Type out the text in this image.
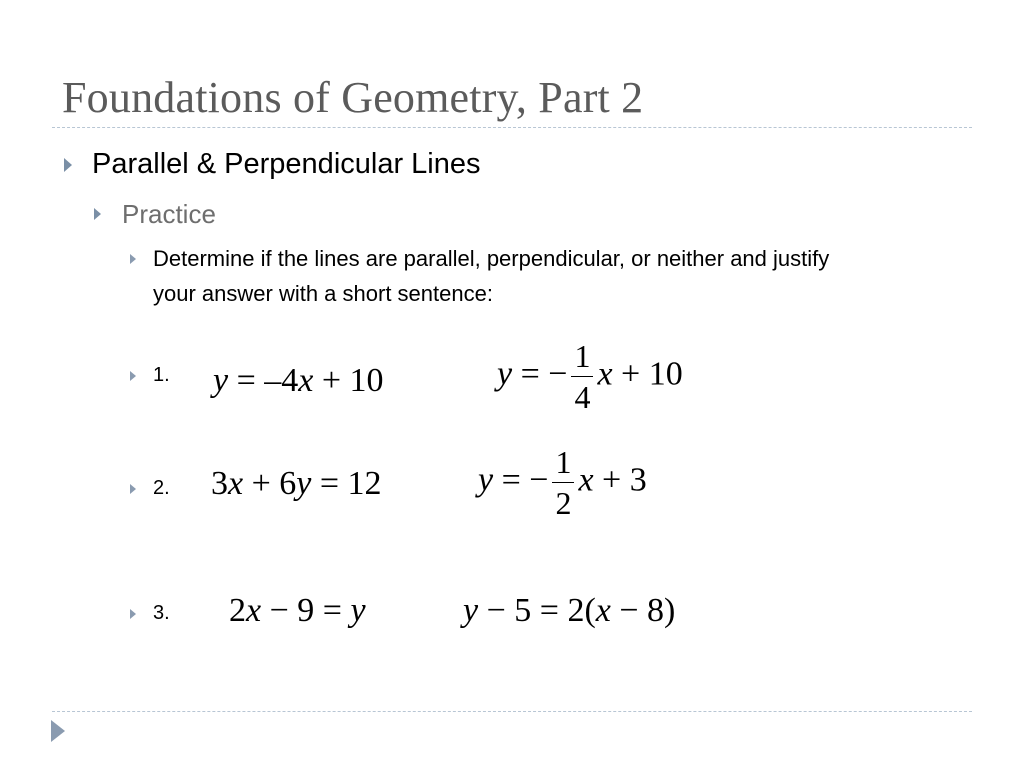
Foundations of Geometry, Part 2
Parallel & Perpendicular Lines
Practice
Determine if the lines are parallel, perpendicular, or neither and justify
your answer with a short sentence:
1. y = –4x + 10	y = − $\frac{1}{4}$ x + 10
2. 3x + 6y = 12	y = − $\frac{1}{2}$ x + 3
3. 2x − 9 = y	y − 5 = 2(x − 8)
